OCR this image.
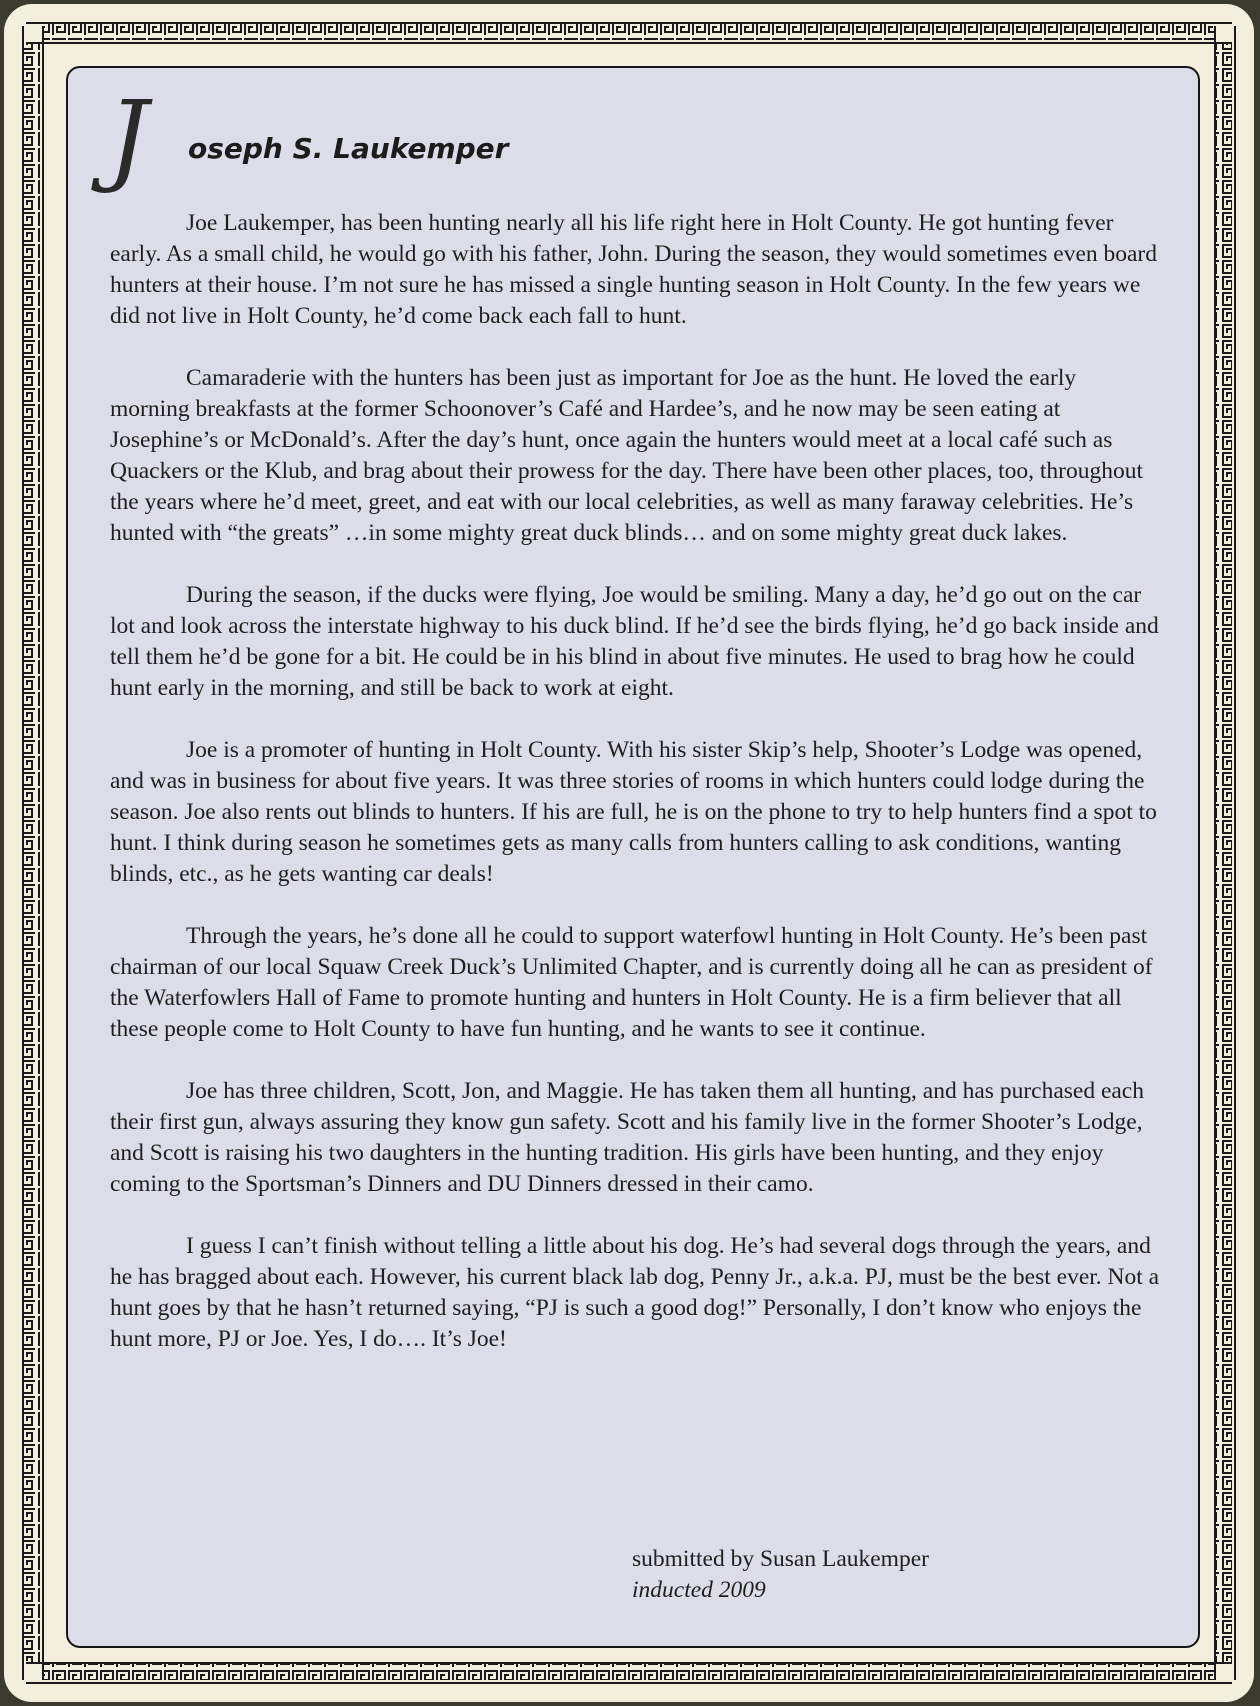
J oseph S. Laukemper

Joe Laukemper, has been hunting nearly all his life right here in Holt County. He got hunting fever early. As a small child, he would go with his father, John. During the season, they would sometimes even board hunters at their house. I’m not sure he has missed a single hunting season in Holt County. In the few years we did not live in Holt County, he’d come back each fall to hunt.

Camaraderie with the hunters has been just as important for Joe as the hunt. He loved the early morning breakfasts at the former Schoonover’s Café and Hardee’s, and he now may be seen eating at Josephine’s or McDonald’s. After the day’s hunt, once again the hunters would meet at a local café such as Quackers or the Klub, and brag about their prowess for the day. There have been other places, too, throughout the years where he’d meet, greet, and eat with our local celebrities, as well as many faraway celebrities. He’s hunted with “the greats” …in some mighty great duck blinds… and on some mighty great duck lakes.

During the season, if the ducks were flying, Joe would be smiling. Many a day, he’d go out on the car lot and look across the interstate highway to his duck blind. If he’d see the birds flying, he’d go back inside and tell them he’d be gone for a bit. He could be in his blind in about five minutes. He used to brag how he could hunt early in the morning, and still be back to work at eight.

Joe is a promoter of hunting in Holt County. With his sister Skip’s help, Shooter’s Lodge was opened, and was in business for about five years. It was three stories of rooms in which hunters could lodge during the season. Joe also rents out blinds to hunters. If his are full, he is on the phone to try to help hunters find a spot to hunt. I think during season he sometimes gets as many calls from hunters calling to ask conditions, wanting blinds, etc., as he gets wanting car deals!

Through the years, he’s done all he could to support waterfowl hunting in Holt County. He’s been past chairman of our local Squaw Creek Duck’s Unlimited Chapter, and is currently doing all he can as president of the Waterfowlers Hall of Fame to promote hunting and hunters in Holt County. He is a firm believer that all these people come to Holt County to have fun hunting, and he wants to see it continue.

Joe has three children, Scott, Jon, and Maggie. He has taken them all hunting, and has purchased each their first gun, always assuring they know gun safety. Scott and his family live in the former Shooter’s Lodge, and Scott is raising his two daughters in the hunting tradition. His girls have been hunting, and they enjoy coming to the Sportsman’s Dinners and DU Dinners dressed in their camo.

I guess I can’t finish without telling a little about his dog. He’s had several dogs through the years, and he has bragged about each. However, his current black lab dog, Penny Jr., a.k.a. PJ, must be the best ever. Not a hunt goes by that he hasn’t returned saying, “PJ is such a good dog!” Personally, I don’t know who enjoys the hunt more, PJ or Joe. Yes, I do…. It’s Joe!

submitted by Susan Laukemper
inducted 2009
